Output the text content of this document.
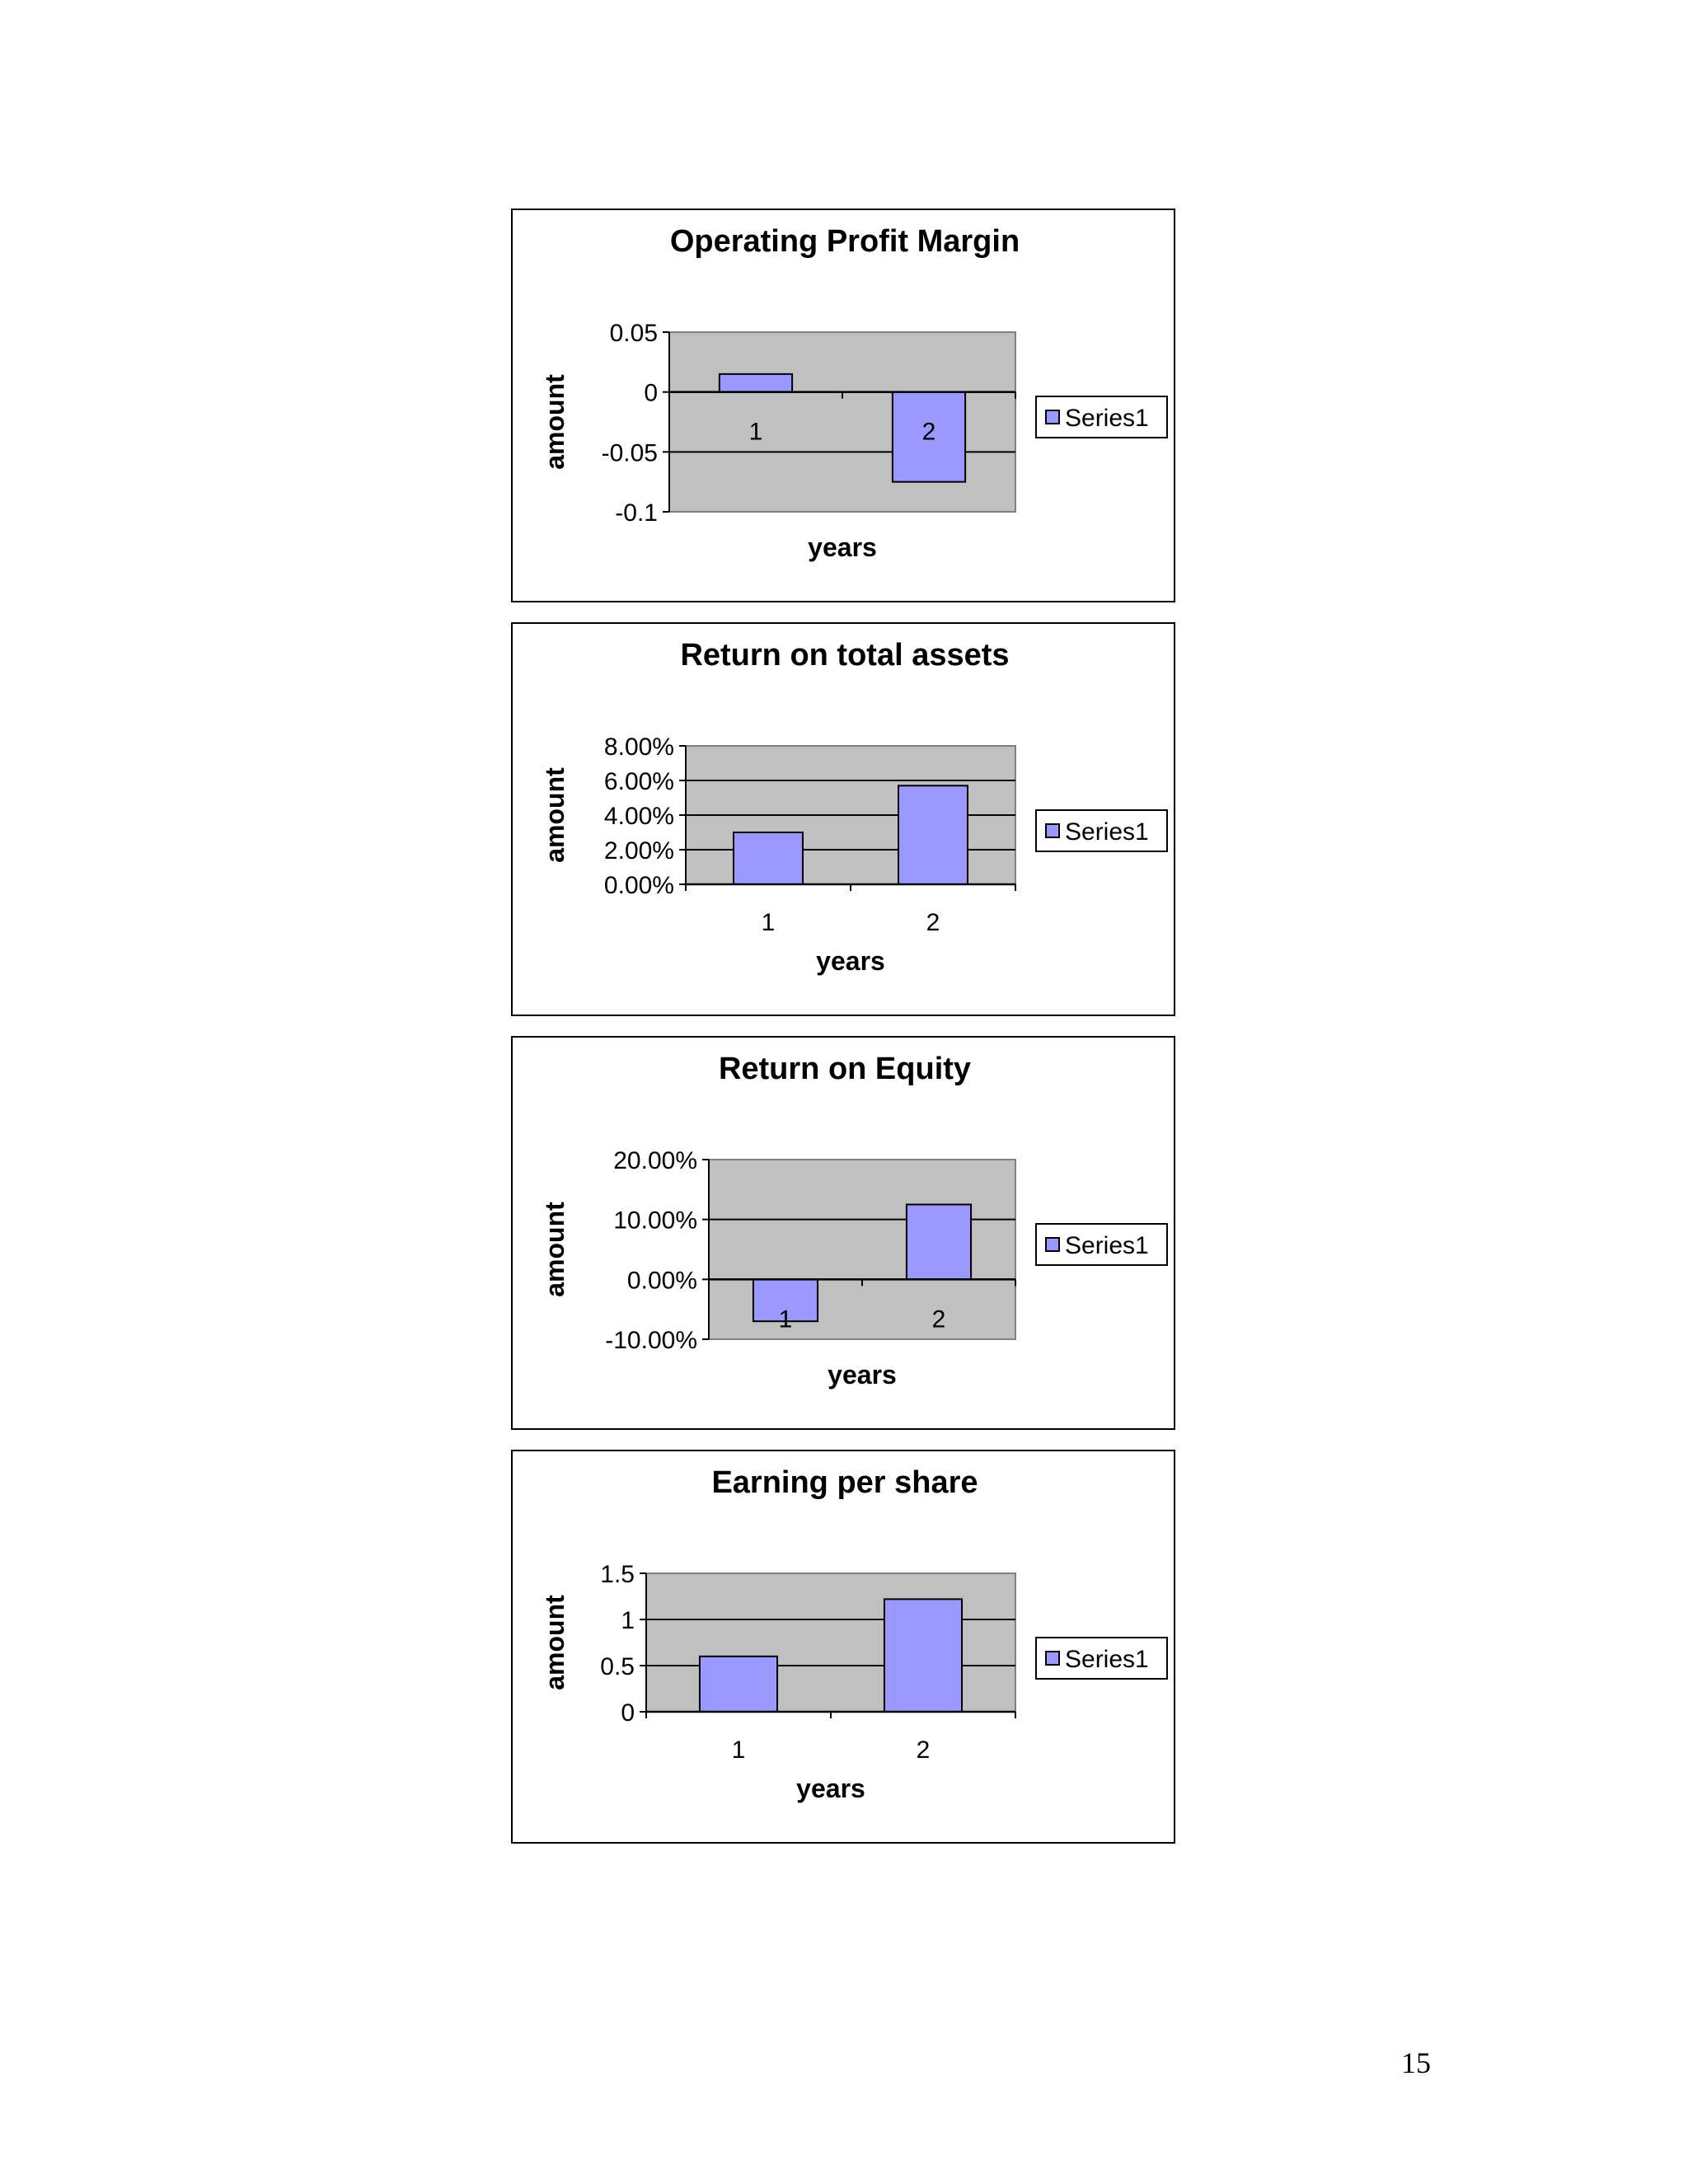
Operating Profit Margin
0.05
0
-0.05
-0.1
1	2
years
amount	Series1
Return on total assets
8.00%
6.00%
4.00%
2.00%
0.00%
1	2
years
amount	Series1
Return on Equity
20.00%
10.00%
0.00%
-10.00%
1	2
years
amount	Series1
Earning per share
1.5
1
0.5
0
1	2
years
amount	Series1
15
